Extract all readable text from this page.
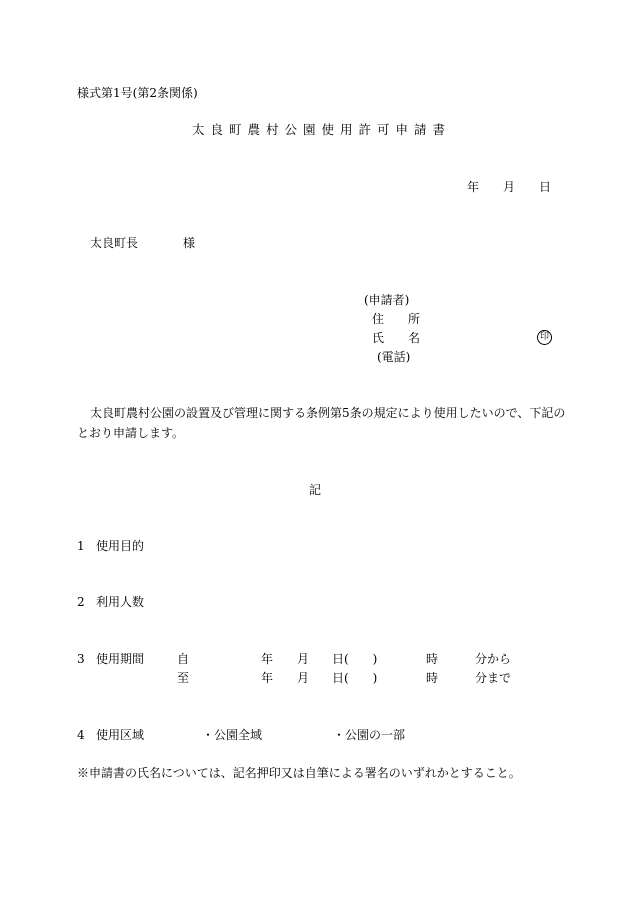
様式第1号(第2条関係)
太良町農村公園使用許可申請書
年 月 日
太良町長	様
(申請者)
住　　所
氏　　名	印
(電話)
太良町農村公園の設置及び管理に関する条例第5条の規定により使用したいので、下記の
とおり申請します。
記
1 使用目的
2 利用人数
3 使用期間	自	年 月 日(　　)	時	分から
至	年 月 日(　　)	時	分まで
4 使用区域	・公園全域	・公園の一部
※申請書の氏名については、記名押印又は自筆による署名のいずれかとすること。
